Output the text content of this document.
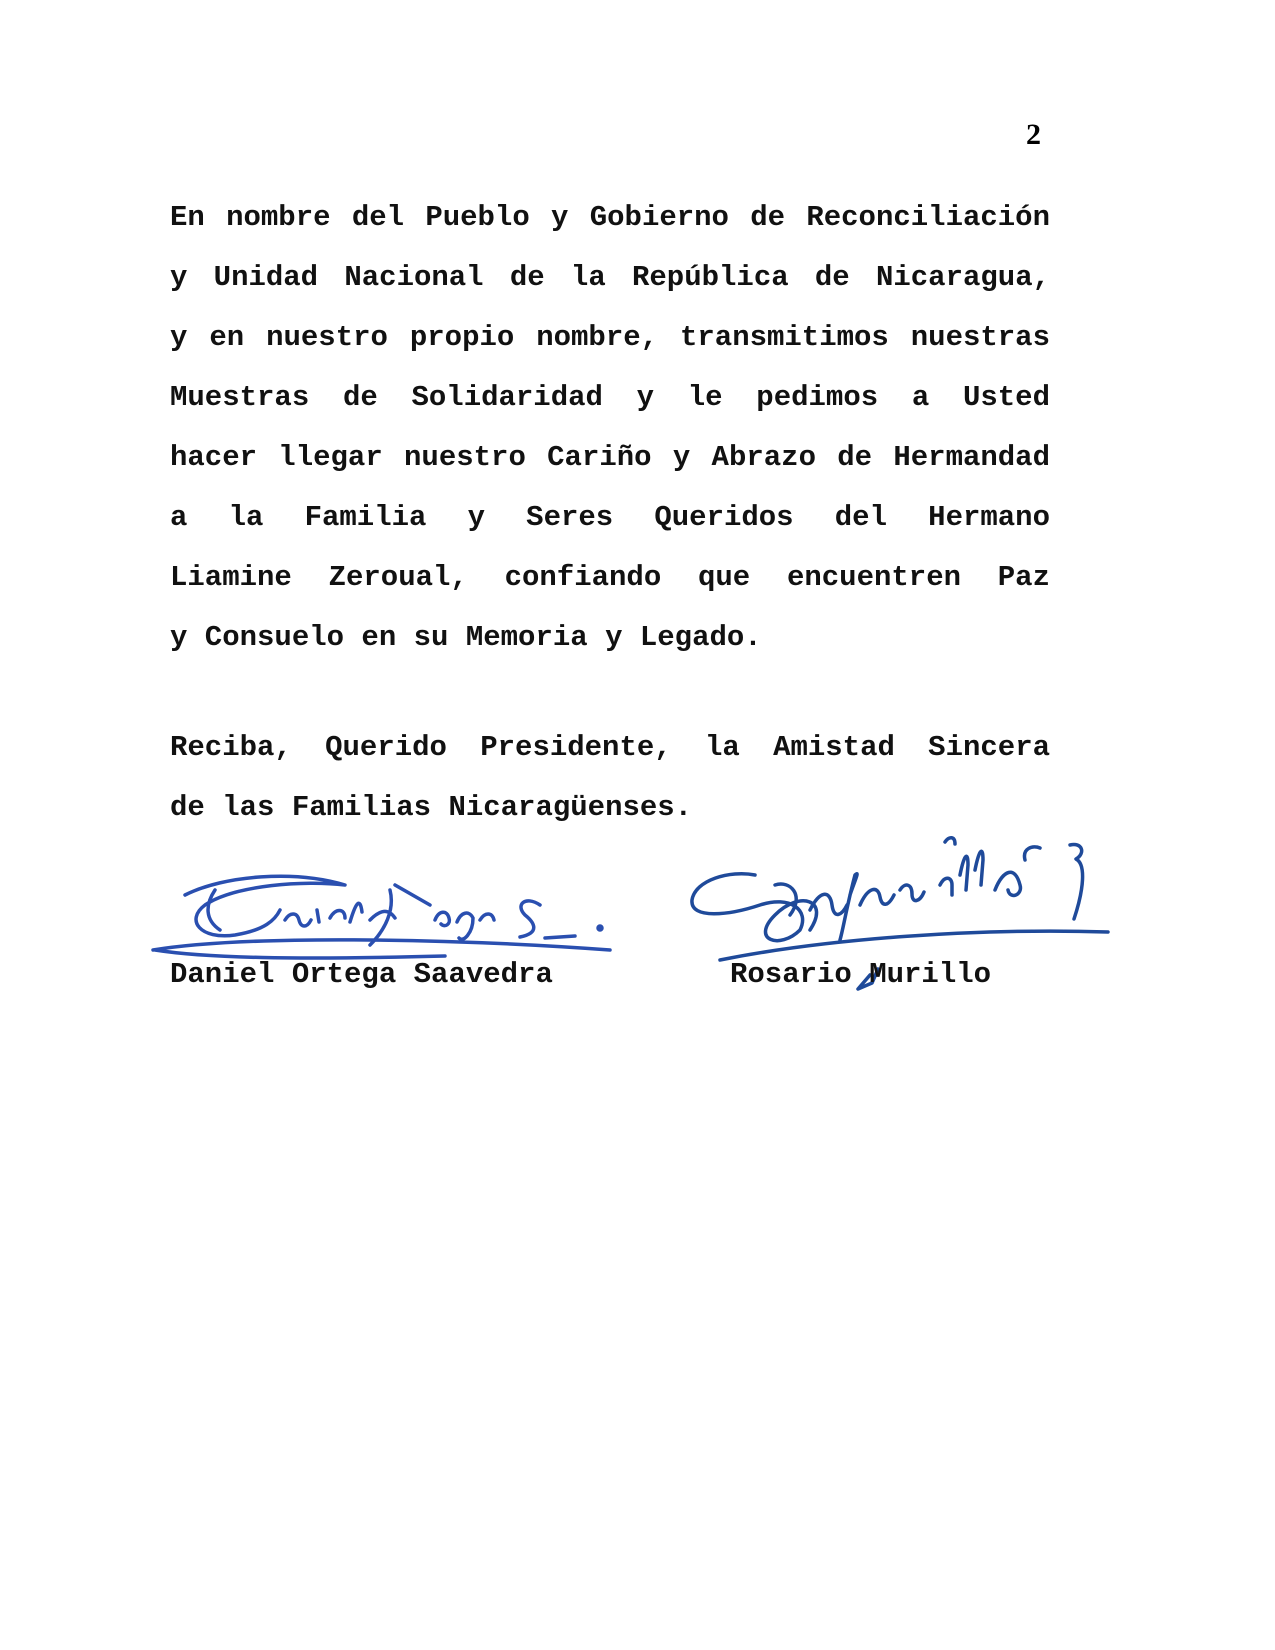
2
En nombre del Pueblo y Gobierno de Reconciliación
y Unidad Nacional de la República de Nicaragua,
y en nuestro propio nombre, transmitimos nuestras
Muestras de Solidaridad y le pedimos a Usted
hacer llegar nuestro Cariño y Abrazo de Hermandad
a la Familia y Seres Queridos del Hermano
Liamine Zeroual, confiando que encuentren Paz
y Consuelo en su Memoria y Legado.
Reciba, Querido Presidente, la Amistad Sincera
de las Familias Nicaragüenses.
Daniel Ortega Saavedra	Rosario Murillo
